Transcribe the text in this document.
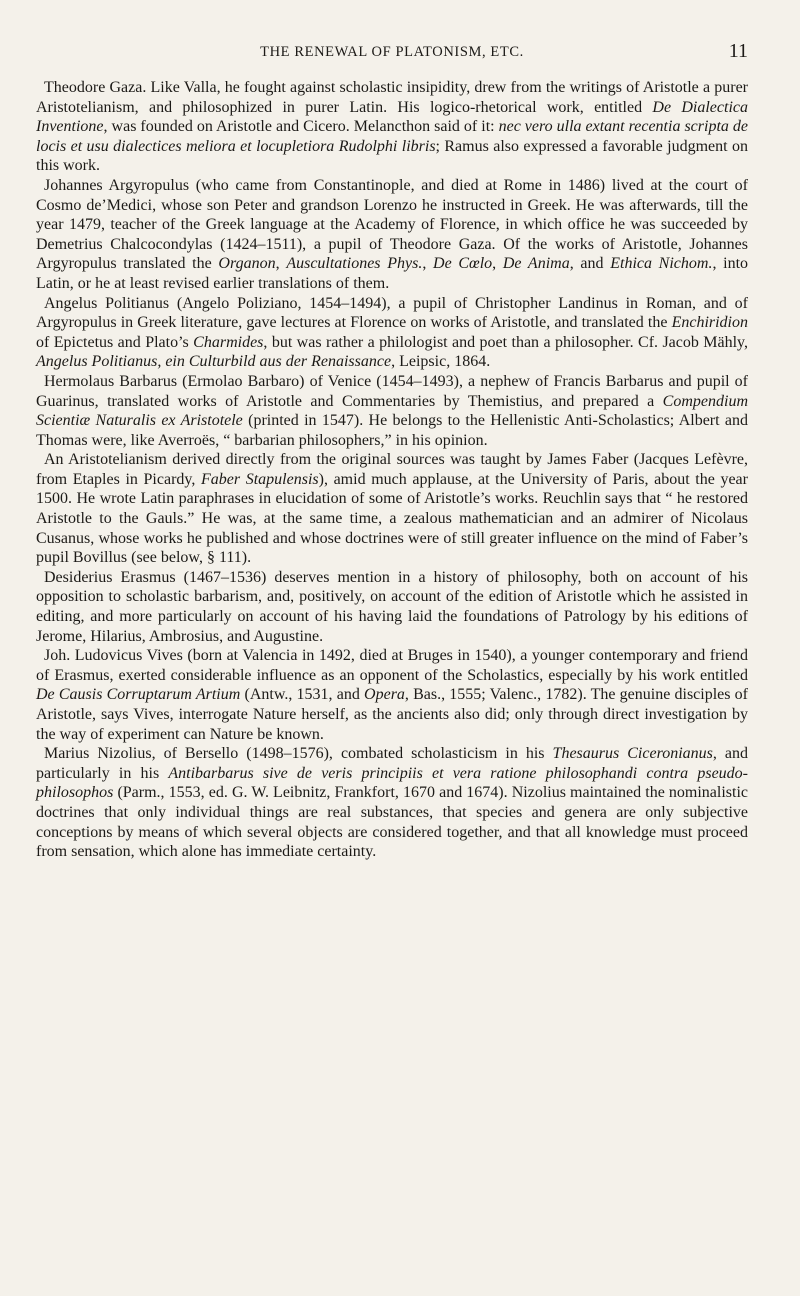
THE RENEWAL OF PLATONISM, ETC.	11

Theodore Gaza. Like Valla, he fought against scholastic insipidity, drew from the writings of Aristotle a purer Aristotelianism, and philosophized in purer Latin. His logico-rhetorical work, entitled De Dialectica Inventione, was founded on Aristotle and Cicero. Melancthon said of it: nec vero ulla extant recentia scripta de locis et usu dialectices meliora et locupletiora Rudolphi libris; Ramus also expressed a favorable judgment on this work.

Johannes Argyropulus (who came from Constantinople, and died at Rome in 1486) lived at the court of Cosmo de’Medici, whose son Peter and grandson Lorenzo he instructed in Greek. He was afterwards, till the year 1479, teacher of the Greek language at the Academy of Florence, in which office he was succeeded by Demetrius Chalcocondylas (1424–1511), a pupil of Theodore Gaza. Of the works of Aristotle, Johannes Argyropulus translated the Organon, Auscultationes Phys., De Cœlo, De Anima, and Ethica Nichom., into Latin, or he at least revised earlier translations of them.

Angelus Politianus (Angelo Poliziano, 1454–1494), a pupil of Christopher Landinus in Roman, and of Argyropulus in Greek literature, gave lectures at Florence on works of Aristotle, and translated the Enchiridion of Epictetus and Plato’s Charmides, but was rather a philologist and poet than a philosopher. Cf. Jacob Mähly, Angelus Politianus, ein Culturbild aus der Renaissance, Leipsic, 1864.

Hermolaus Barbarus (Ermolao Barbaro) of Venice (1454–1493), a nephew of Francis Barbarus and pupil of Guarinus, translated works of Aristotle and Commentaries by Themistius, and prepared a Compendium Scientiæ Naturalis ex Aristotele (printed in 1547). He belongs to the Hellenistic Anti-Scholastics; Albert and Thomas were, like Averroës, “ barbarian philosophers,” in his opinion.

An Aristotelianism derived directly from the original sources was taught by James Faber (Jacques Lefèvre, from Etaples in Picardy, Faber Stapulensis), amid much applause, at the University of Paris, about the year 1500. He wrote Latin paraphrases in elucidation of some of Aristotle’s works. Reuchlin says that “ he restored Aristotle to the Gauls.” He was, at the same time, a zealous mathematician and an admirer of Nicolaus Cusanus, whose works he published and whose doctrines were of still greater influence on the mind of Faber’s pupil Bovillus (see below, § 111).

Desiderius Erasmus (1467–1536) deserves mention in a history of philosophy, both on account of his opposition to scholastic barbarism, and, positively, on account of the edition of Aristotle which he assisted in editing, and more particularly on account of his having laid the foundations of Patrology by his editions of Jerome, Hilarius, Ambrosius, and Augustine.

Joh. Ludovicus Vives (born at Valencia in 1492, died at Bruges in 1540), a younger contemporary and friend of Erasmus, exerted considerable influence as an opponent of the Scholastics, especially by his work entitled De Causis Corruptarum Artium (Antw., 1531, and Opera, Bas., 1555; Valenc., 1782). The genuine disciples of Aristotle, says Vives, interrogate Nature herself, as the ancients also did; only through direct investigation by the way of experiment can Nature be known.

Marius Nizolius, of Bersello (1498–1576), combated scholasticism in his Thesaurus Ciceronianus, and particularly in his Antibarbarus sive de veris principiis et vera ratione philosophandi contra pseudo-philosophos (Parm., 1553, ed. G. W. Leibnitz, Frankfort, 1670 and 1674). Nizolius maintained the nominalistic doctrines that only individual things are real substances, that species and genera are only subjective conceptions by means of which several objects are considered together, and that all knowledge must proceed from sensation, which alone has immediate certainty.
